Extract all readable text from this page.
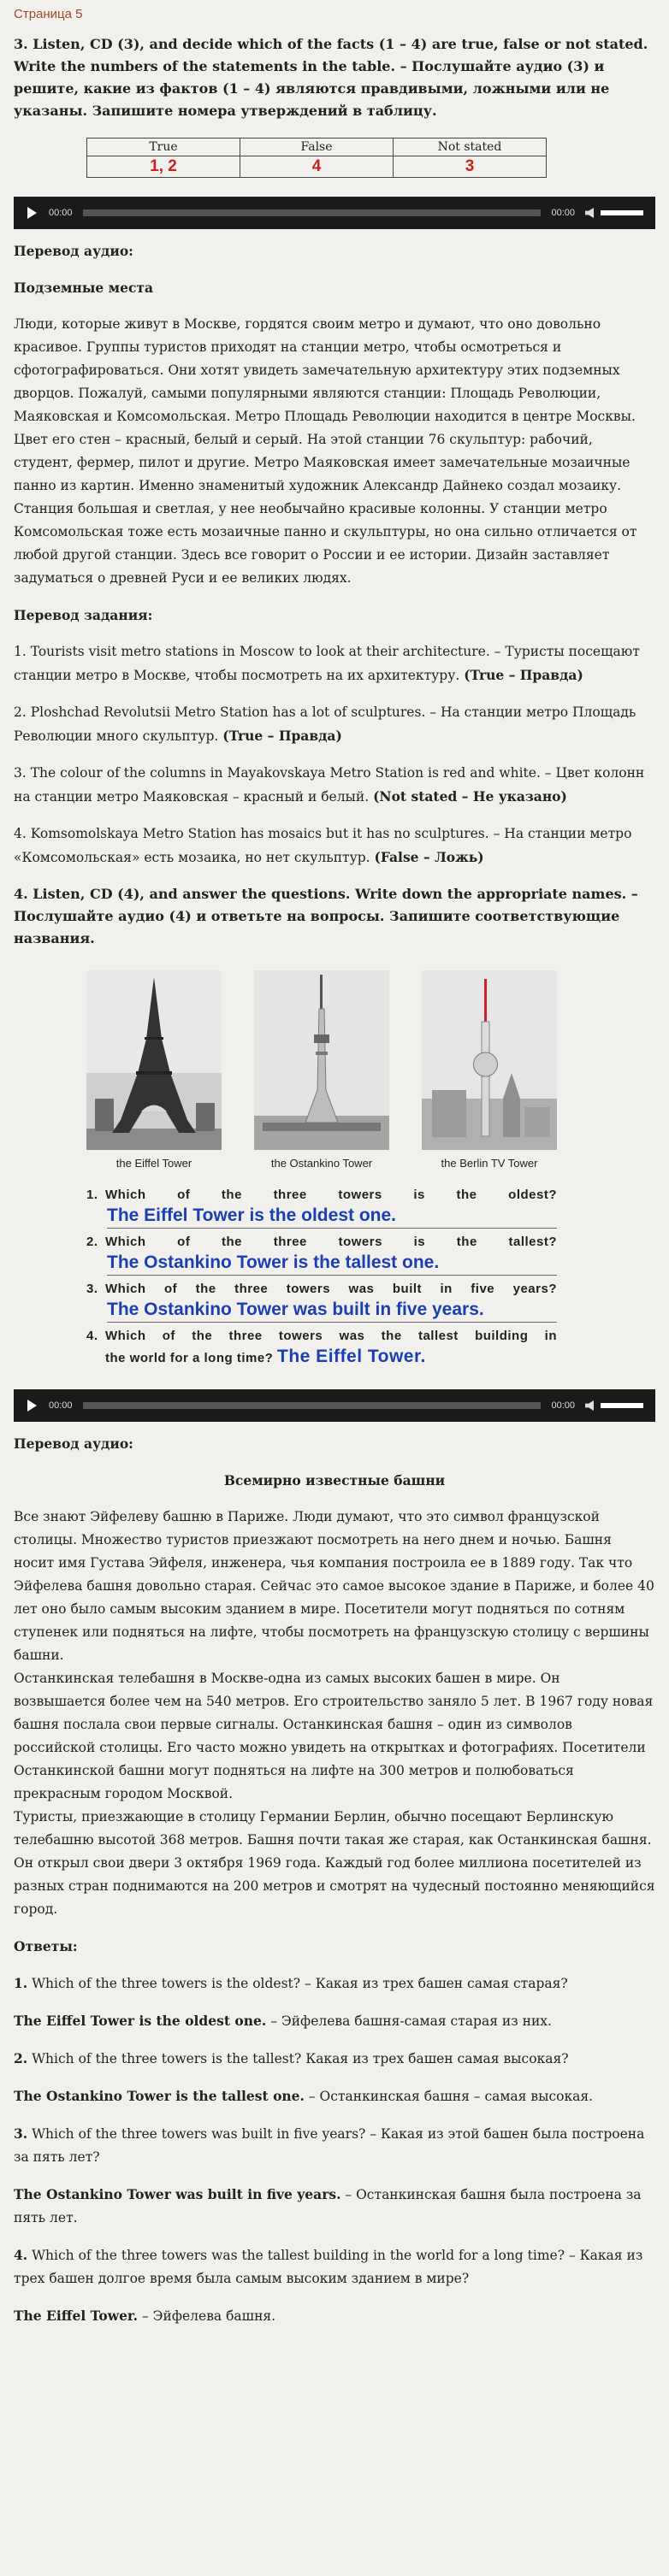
Страница 5
3. Listen, CD (3), and decide which of the facts (1 – 4) are true, false or not stated. Write the numbers of the statements in the table. – Послушайте аудио (3) и решите, какие из фактов (1 – 4) являются правдивыми, ложными или не указаны. Запишите номера утверждений в таблицу.
True	False	Not stated
1, 2	4	3
00:00	00:00

Перевод аудио:

Подземные места

Люди, которые живут в Москве, гордятся своим метро и думают, что оно довольно красивое. Группы туристов приходят на станции метро, чтобы осмотреться и сфотографироваться. Они хотят увидеть замечательную архитектуру этих подземных дворцов. Пожалуй, самыми популярными являются станции: Площадь Революции, Маяковская и Комсомольская. Метро Площадь Революции находится в центре Москвы. Цвет его стен – красный, белый и серый. На этой станции 76 скульптур: рабочий, студент, фермер, пилот и другие. Метро Маяковская имеет замечательные мозаичные панно из картин. Именно знаменитый художник Александр Дайнеко создал мозаику. Станция большая и светлая, у нее необычайно красивые колонны. У станции метро Комсомольская тоже есть мозаичные панно и скульптуры, но она сильно отличается от любой другой станции. Здесь все говорит о России и ее истории. Дизайн заставляет задуматься о древней Руси и ее великих людях.

Перевод задания:

1. Tourists visit metro stations in Moscow to look at their architecture. – Туристы посещают станции метро в Москве, чтобы посмотреть на их архитектуру. (True – Правда)

2. Ploshchad Revolutsii Metro Station has a lot of sculptures. – На станции метро Площадь Революции много скульптур. (True – Правда)

3. The colour of the columns in Mayakovskaya Metro Station is red and white. – Цвет колонн на станции метро Маяковская – красный и белый. (Not stated – Не указано)

4. Komsomolskaya Metro Station has mosaics but it has no sculptures. – На станции метро «Комсомольская» есть мозаика, но нет скульптур. (False – Ложь)

4. Listen, CD (4), and answer the questions. Write down the appropriate names. – Послушайте аудио (4) и ответьте на вопросы. Запишите соответствующие названия.
the Eiffel Tower	the Ostankino Tower	the Berlin TV Tower
1. Which of the three towers is the oldest?
The Eiffel Tower is the oldest one.
2. Which of the three towers is the tallest?
The Ostankino Tower is the tallest one.
3. Which of the three towers was built in five years?
The Ostankino Tower was built in five years.
4. Which of the three towers was the tallest building in
the world for a long time? The Eiffel Tower.
00:00	00:00

Перевод аудио:

Всемирно известные башни

Все знают Эйфелеву башню в Париже. Люди думают, что это символ французской столицы. Множество туристов приезжают посмотреть на него днем и ночью. Башня носит имя Густава Эйфеля, инженера, чья компания построила ее в 1889 году. Так что Эйфелева башня довольно старая. Сейчас это самое высокое здание в Париже, и более 40 лет оно было самым высоким зданием в мире. Посетители могут подняться по сотням ступенек или подняться на лифте, чтобы посмотреть на французскую столицу с вершины башни.

Останкинская телебашня в Москве-одна из самых высоких башен в мире. Он возвышается более чем на 540 метров. Его строительство заняло 5 лет. В 1967 году новая башня послала свои первые сигналы. Останкинская башня – один из символов российской столицы. Его часто можно увидеть на открытках и фотографиях. Посетители Останкинской башни могут подняться на лифте на 300 метров и полюбоваться прекрасным городом Москвой.

Туристы, приезжающие в столицу Германии Берлин, обычно посещают Берлинскую телебашню высотой 368 метров. Башня почти такая же старая, как Останкинская башня. Он открыл свои двери 3 октября 1969 года. Каждый год более миллиона посетителей из разных стран поднимаются на 200 метров и смотрят на чудесный постоянно меняющийся город.

Ответы:

1. Which of the three towers is the oldest? – Какая из трех башен самая старая?

The Eiffel Tower is the oldest one. – Эйфелева башня-самая старая из них.

2. Which of the three towers is the tallest? Какая из трех башен самая высокая?

The Ostankino Tower is the tallest one. – Останкинская башня – самая высокая.

3. Which of the three towers was built in five years? – Какая из этой башен была построена за пять лет?

The Ostankino Tower was built in five years. – Останкинская башня была построена за пять лет.

4. Which of the three towers was the tallest building in the world for a long time? – Какая из трех башен долгое время была самым высоким зданием в мире?

The Eiffel Tower. – Эйфелева башня.
